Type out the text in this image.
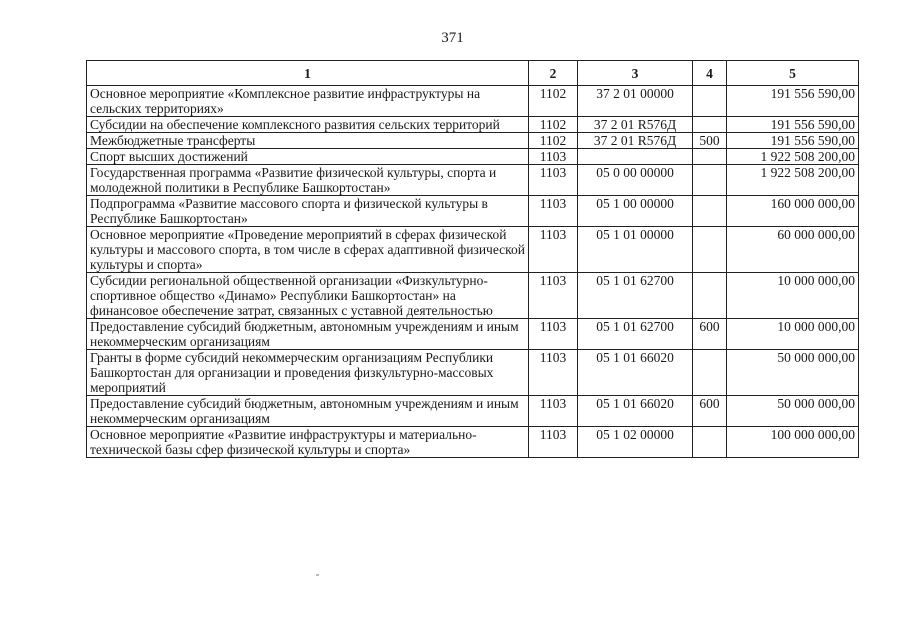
371
1	2	3	4	5
Основное мероприятие «Комплексное развитие инфраструктуры на сельских территориях»	1102	37 2 01 00000		191 556 590,00
Субсидии на обеспечение комплексного развития сельских территорий	1102	37 2 01 R576Д		191 556 590,00
Межбюджетные трансферты	1102	37 2 01 R576Д	500	191 556 590,00
Спорт высших достижений	1103			1 922 508 200,00
Государственная программа «Развитие физической культуры, спорта и молодежной политики в Республике Башкортостан»	1103	05 0 00 00000		1 922 508 200,00
Подпрограмма «Развитие массового спорта и физической культуры в Республике Башкортостан»	1103	05 1 00 00000		160 000 000,00
Основное мероприятие «Проведение мероприятий в сферах физической культуры и массового спорта, в том числе в сферах адаптивной физической культуры и спорта»	1103	05 1 01 00000		60 000 000,00
Субсидии региональной общественной организации «Физкультурно-спортивное общество «Динамо» Республики Башкортостан» на финансовое обеспечение затрат, связанных с уставной деятельностью	1103	05 1 01 62700		10 000 000,00
Предоставление субсидий бюджетным, автономным учреждениям и иным некоммерческим организациям	1103	05 1 01 62700	600	10 000 000,00
Гранты в форме субсидий некоммерческим организациям Республики Башкортостан для организации и проведения физкультурно-массовых мероприятий	1103	05 1 01 66020		50 000 000,00
Предоставление субсидий бюджетным, автономным учреждениям и иным некоммерческим организациям	1103	05 1 01 66020	600	50 000 000,00
Основное мероприятие «Развитие инфраструктуры и материально-технической базы сфер физической культуры и спорта»	1103	05 1 02 00000		100 000 000,00
